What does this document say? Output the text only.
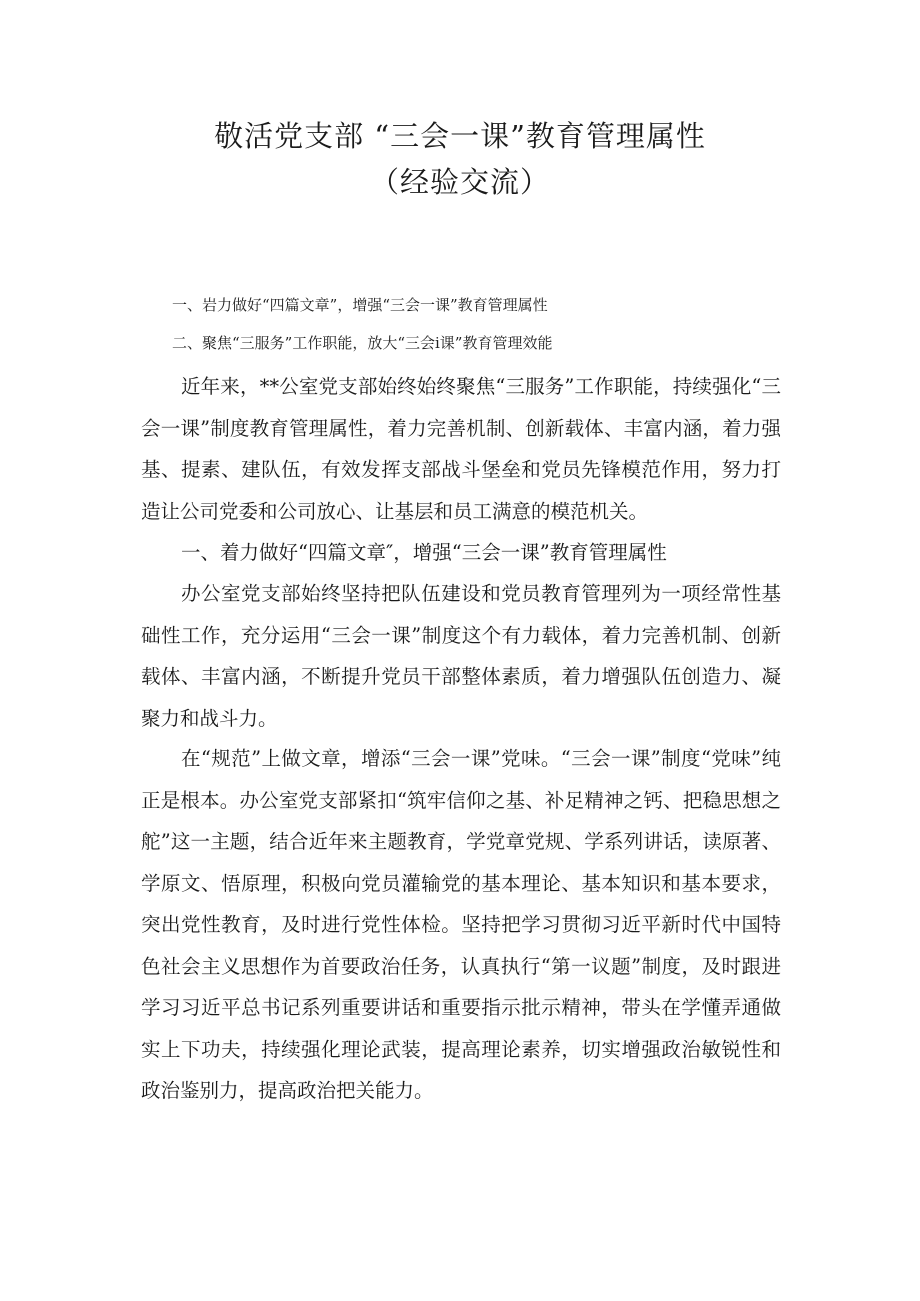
敬活党支部 “三会一课”教育管理属性
（经验交流）
一、岩力做好“四篇文章”，增强“三会一课”教育管理属性
二、聚焦“三服务”工作职能，放大“三会i课”教育管理效能

近年来，**公室党支部始终始终聚焦“三服务”工作职能，持续强化“三会一课”制度教育管理属性，着力完善机制、创新载体、丰富内涵，着力强基、提素、建队伍，有效发挥支部战斗堡垒和党员先锋模范作用，努力打造让公司党委和公司放心、让基层和员工满意的模范机关。

一、着力做好“四篇文章″，增强“三会一课”教育管理属性

办公室党支部始终坚持把队伍建设和党员教育管理列为一项经常性基础性工作，充分运用“三会一课”制度这个有力载体，着力完善机制、创新载体、丰富内涵，不断提升党员干部整体素质，着力增强队伍创造力、凝聚力和战斗力。

在“规范”上做文章，增添“三会一课”党味。“三会一课”制度“党味”纯正是根本。办公室党支部紧扣“筑牢信仰之基、补足精神之钙、把稳思想之舵”这一主题，结合近年来主题教育，学党章党规、学系列讲话，读原著、学原文、悟原理，积极向党员灌输党的基本理论、基本知识和基本要求，突出党性教育，及时进行党性体检。坚持把学习贯彻习近平新时代中国特色社会主义思想作为首要政治任务，认真执行“第一议题”制度，及时跟进学习习近平总书记系列重要讲话和重要指示批示精神，带头在学懂弄通做实上下功夫，持续强化理论武装，提高理论素养，切实增强政治敏锐性和政治鉴别力，提高政治把关能力。
